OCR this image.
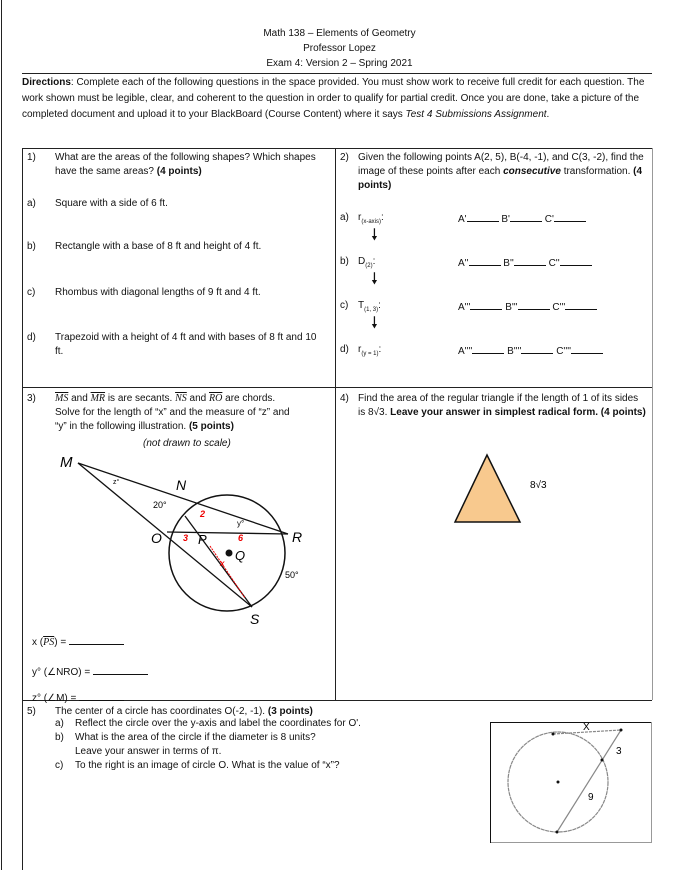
Math 138 – Elements of Geometry
Professor Lopez
Exam 4: Version 2 – Spring 2021
Directions: Complete each of the following questions in the space provided. You must show work to receive full credit for each question. The work shown must be legible, clear, and coherent to the question in order to qualify for partial credit. Once you are done, take a picture of the completed document and upload it to your BlackBoard (Course Content) where it says Test 4 Submissions Assignment.
1) What are the areas of the following shapes? Which shapes have the same areas? (4 points)
a) Square with a side of 6 ft.
b) Rectangle with a base of 8 ft and height of 4 ft.
c) Rhombus with diagonal lengths of 9 ft and 4 ft.
d) Trapezoid with a height of 4 ft and with bases of 8 ft and 10 ft.
2) Given the following points A(2, 5), B(-4, -1), and C(3, -2), find the image of these points after each consecutive transformation. (4 points)
a) $r_{(x-axis)}$:	A'	B'	C'
b) $D_{(2)}$:	A''	B''	C''
c) $T_{(1, 3)}$:	A'''	B'''	C'''
d) $r_{(y = 1)}$:	A''''	B''''	C''''
🠗
🠗
🠗
3) $\overline{MS}$ and $\overline{MR}$ is are secants. $\overline{NS}$ and $\overline{RO}$ are chords.
Solve for the length of “x” and the measure of “z” and
“y” in the following illustration. (5 points)
(not drawn to scale)
M
N
O	P
Q
R
S
z°
y°
20°
50°
2
3	6
x
x $(\overline{PS})$ =
y° (∠NRO) =
z° (∠M) =
4) Find the area of the regular triangle if the length of 1 of its sides is 8√3. Leave your answer in simplest radical form. (4 points)
8√3
5) The center of a circle has coordinates O(-2, -1). (3 points)
a) Reflect the circle over the y-axis and label the coordinates for O'.
b) What is the area of the circle if the diameter is 8 units? Leave your answer in terms of π.
c) To the right is an image of circle O. What is the value of “x”?
X
3
9
